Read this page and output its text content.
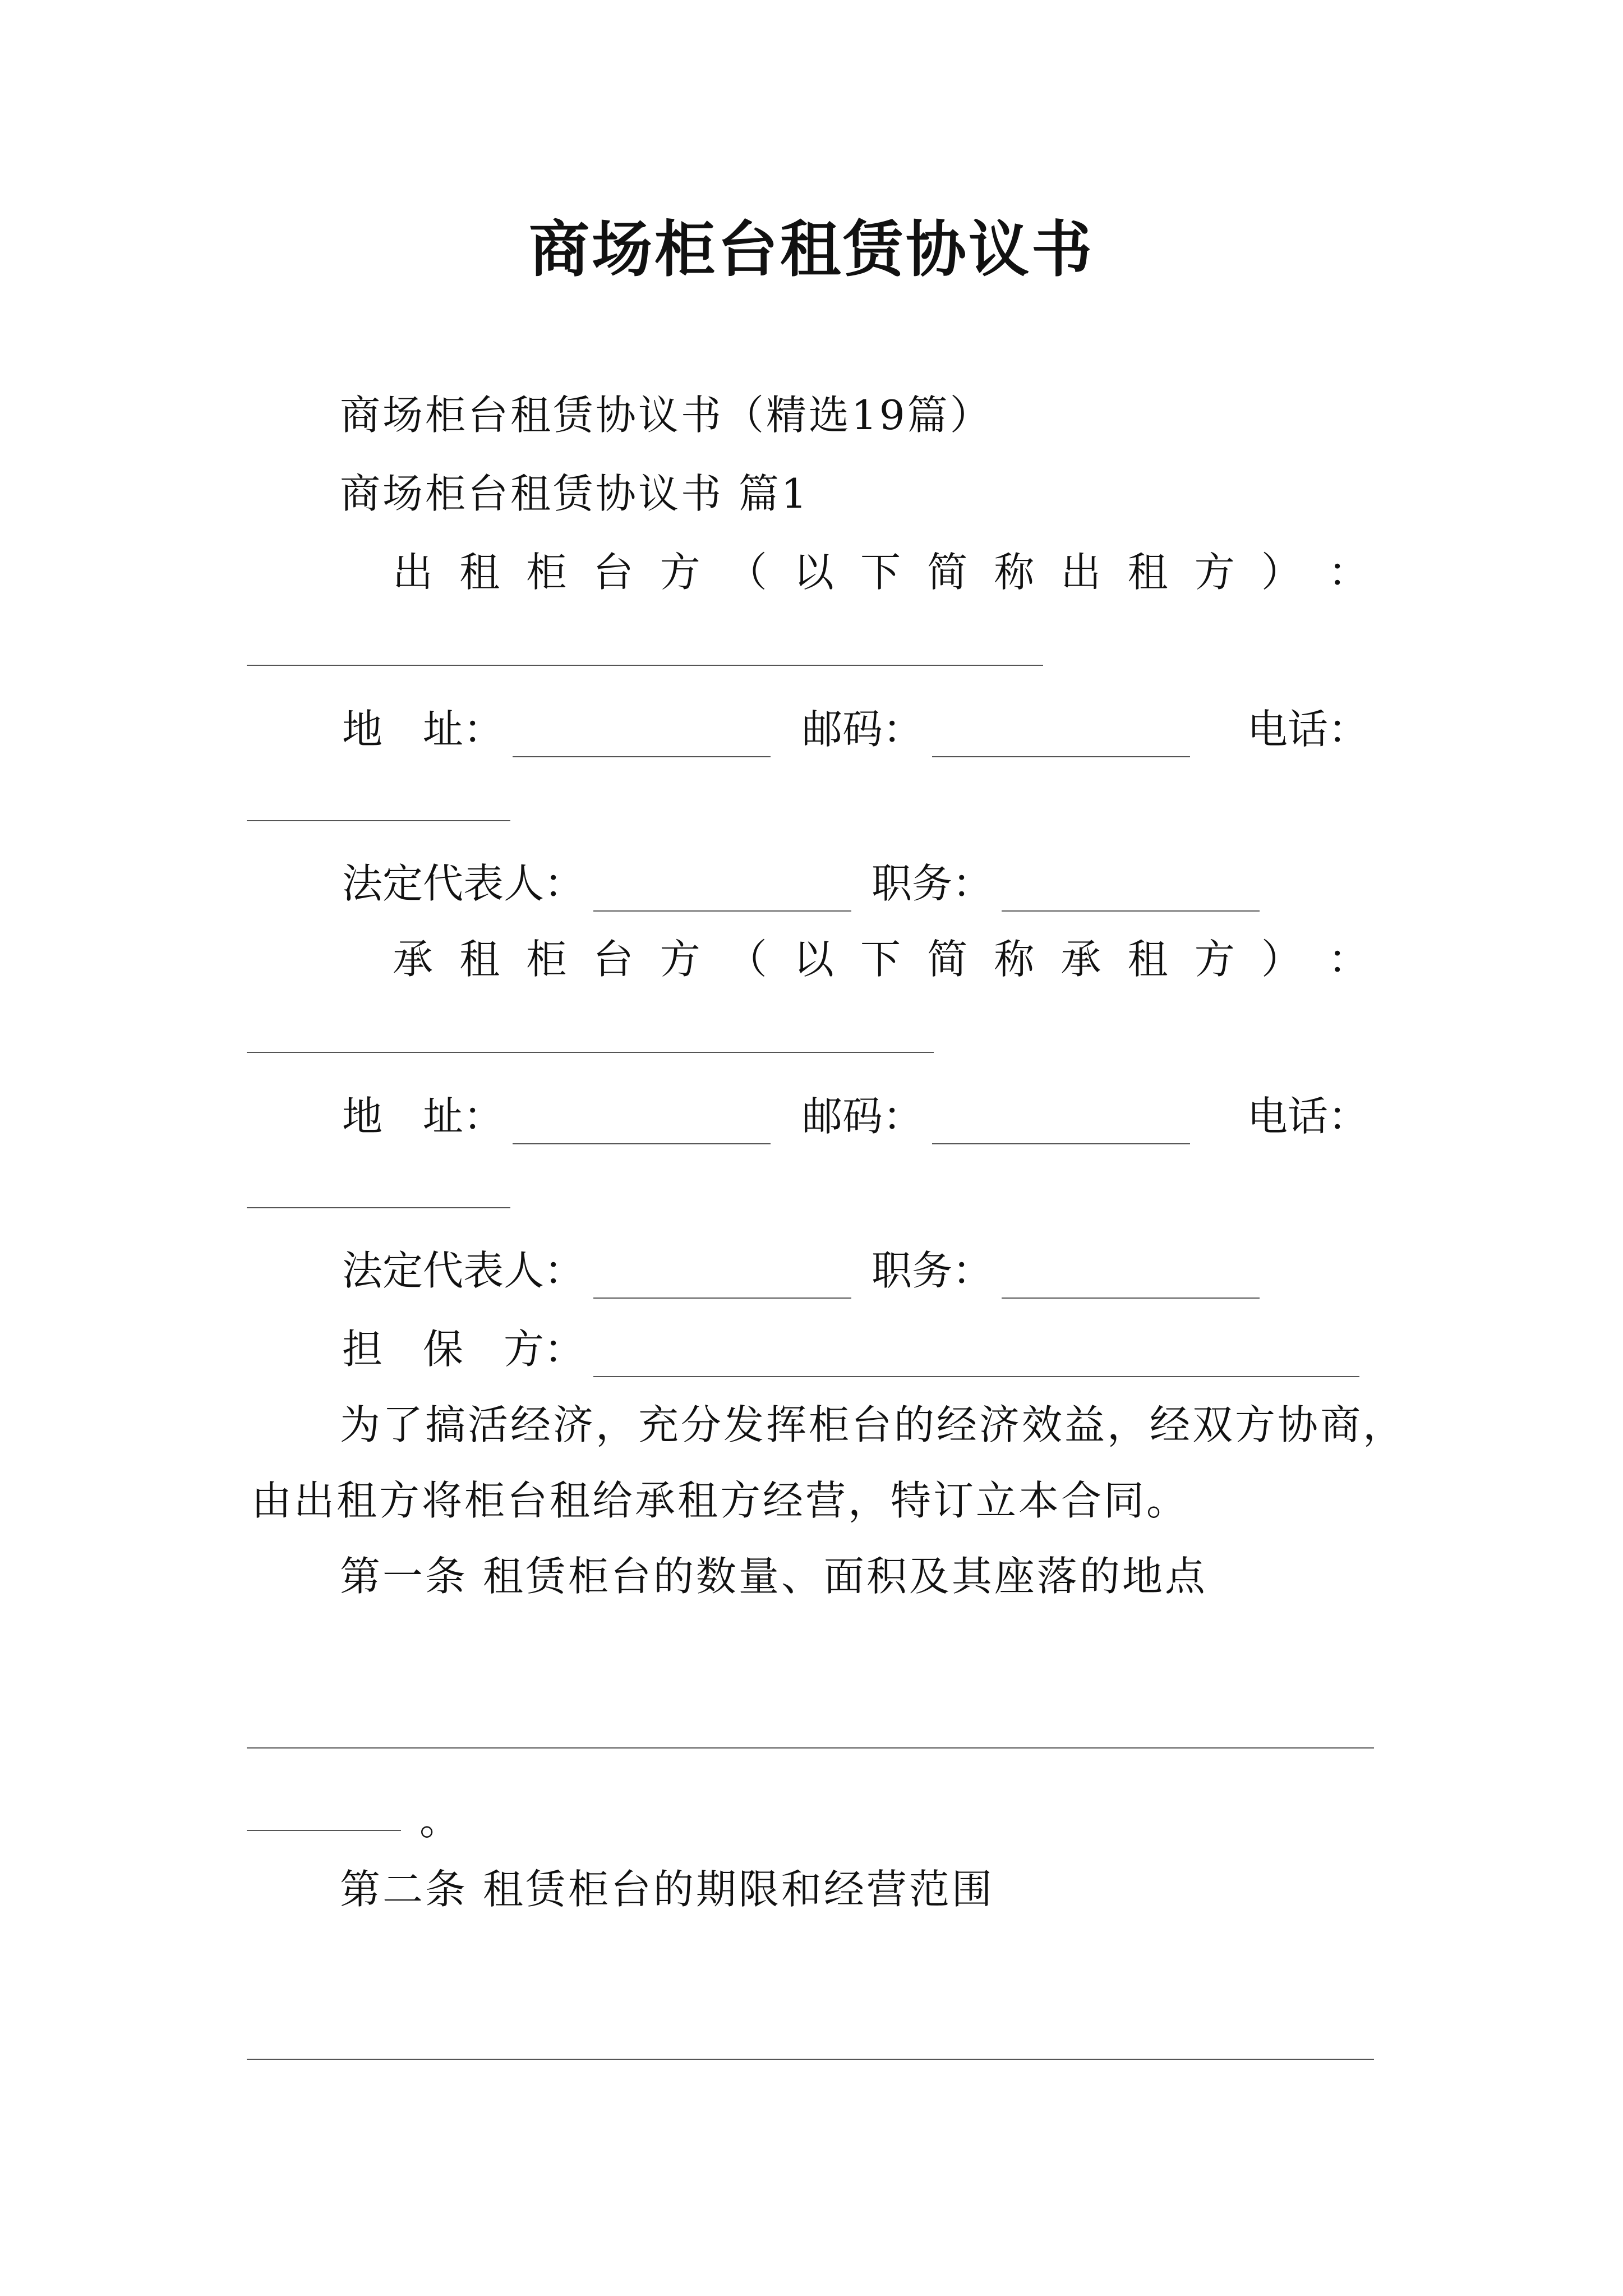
商场柜台租赁协议书
商场柜台租赁协议书（精选19篇）
商场柜台租赁协议书 篇1
出 租 柜 台 方 （ 以 下 简 称 出 租 方 ） ：
地　址：	邮码：	电话：
法定代表人：	职务：
承 租 柜 台 方 （ 以 下 简 称 承 租 方 ） ：
地　址：	邮码：	电话：
法定代表人：	职务：
担　保　方：
为了搞活经济，充分发挥柜台的经济效益，经双方协商，
由出租方将柜台租给承租方经营，特订立本合同。
第一条 租赁柜台的数量、面积及其座落的地点
。
第二条 租赁柜台的期限和经营范围
